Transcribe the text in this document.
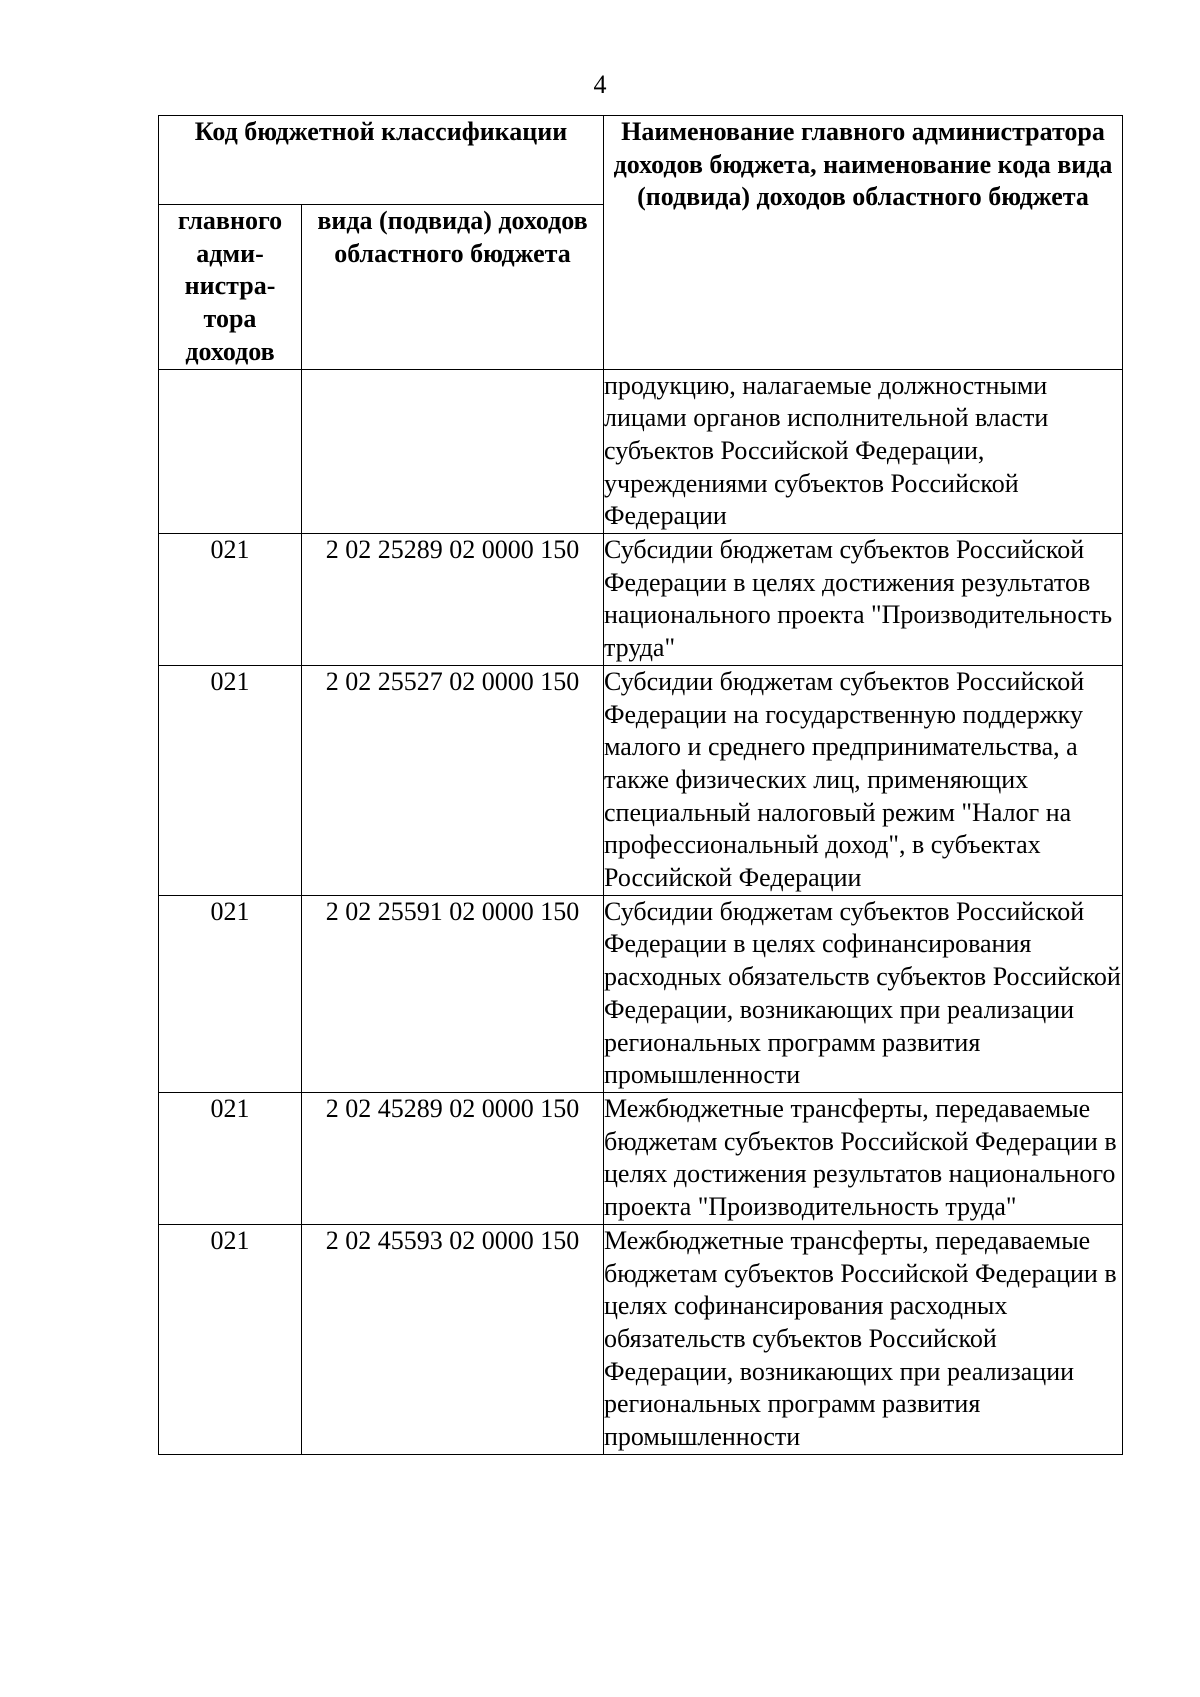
4
Код бюджетной классификации		Наименование главного администратора доходов бюджета, наименование кода вида (подвида) доходов областного бюджета
главного
адми-
нистра-
тора
доходов	вида (подвида) доходов областного бюджета	
		продукцию, налагаемые должностными лицами органов исполнительной власти субъектов Российской Федерации, учреждениями субъектов Российской Федерации
021	2 02 25289 02 0000 150	Субсидии бюджетам субъектов Российской Федерации в целях достижения результатов национального проекта "Производительность труда"
021	2 02 25527 02 0000 150	Субсидии бюджетам субъектов Российской Федерации на государственную поддержку малого и среднего предпринимательства, а также физических лиц, применяющих специальный налоговый режим "Налог на профессиональный доход", в субъектах Российской Федерации
021	2 02 25591 02 0000 150	Субсидии бюджетам субъектов Российской Федерации в целях софинансирования расходных обязательств субъектов Российской Федерации, возникающих при реализации региональных программ развития промышленности
021	2 02 45289 02 0000 150	Межбюджетные трансферты, передаваемые бюджетам субъектов Российской Федерации в целях достижения результатов национального проекта "Производительность труда"
021	2 02 45593 02 0000 150	Межбюджетные трансферты, передаваемые бюджетам субъектов Российской Федерации в целях софинансирования расходных обязательств субъектов Российской Федерации, возникающих при реализации региональных программ развития промышленности
